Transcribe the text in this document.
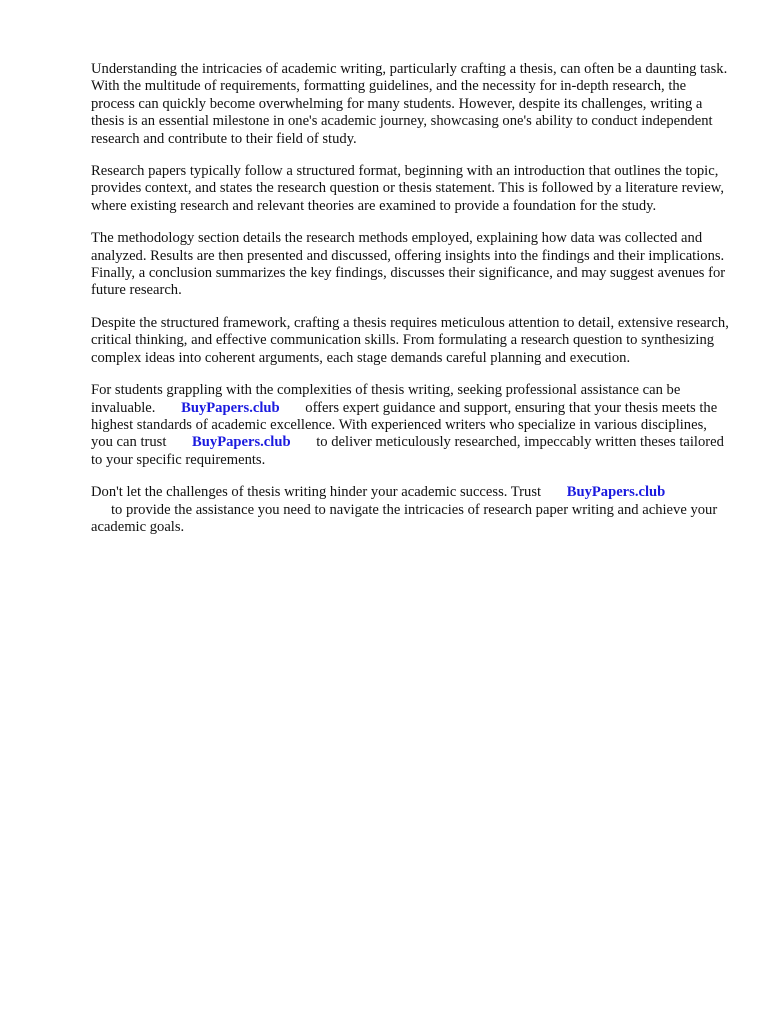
Understanding the intricacies of academic writing, particularly crafting a thesis, can often be a daunting task. With the multitude of requirements, formatting guidelines, and the necessity for in-depth research, the process can quickly become overwhelming for many students. However, despite its challenges, writing a thesis is an essential milestone in one's academic journey, showcasing one's ability to conduct independent research and contribute to their field of study.

Research papers typically follow a structured format, beginning with an introduction that outlines the topic, provides context, and states the research question or thesis statement. This is followed by a literature review, where existing research and relevant theories are examined to provide a foundation for the study.

The methodology section details the research methods employed, explaining how data was collected and analyzed. Results are then presented and discussed, offering insights into the findings and their implications. Finally, a conclusion summarizes the key findings, discusses their significance, and may suggest avenues for future research.

Despite the structured framework, crafting a thesis requires meticulous attention to detail, extensive research, critical thinking, and effective communication skills. From formulating a research question to synthesizing complex ideas into coherent arguments, each stage demands careful planning and execution.

For students grappling with the complexities of thesis writing, seeking professional assistance can be invaluable. BuyPapers.club offers expert guidance and support, ensuring that your thesis meets the highest standards of academic excellence. With experienced writers who specialize in various disciplines, you can trust BuyPapers.club to deliver meticulously researched, impeccably written theses tailored to your specific requirements.

Don't let the challenges of thesis writing hinder your academic success. Trust BuyPapers.club
to provide the assistance you need to navigate the intricacies of research paper writing and achieve your academic goals.
